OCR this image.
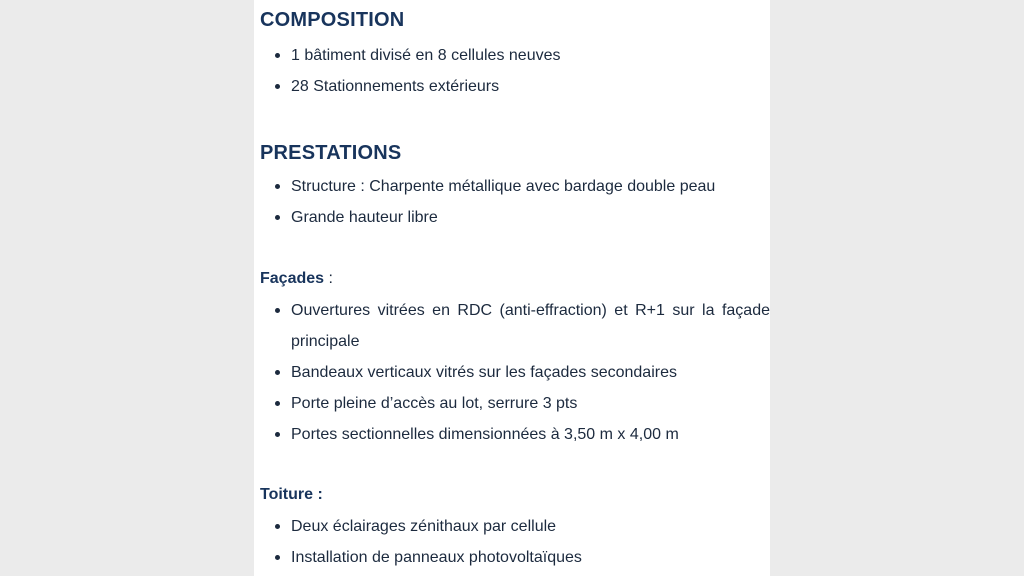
COMPOSITION
1 bâtiment divisé en 8 cellules neuves
28 Stationnements extérieurs
PRESTATIONS
Structure : Charpente métallique avec bardage double peau
Grande hauteur libre
Façades :
Ouvertures vitrées en RDC (anti-effraction) et R+1 sur la façade principale
Bandeaux verticaux vitrés sur les façades secondaires
Porte pleine d’accès au lot, serrure 3 pts
Portes sectionnelles dimensionnées à 3,50 m x 4,00 m
Toiture :
Deux éclairages zénithaux par cellule
Installation de panneaux photovoltaïques
